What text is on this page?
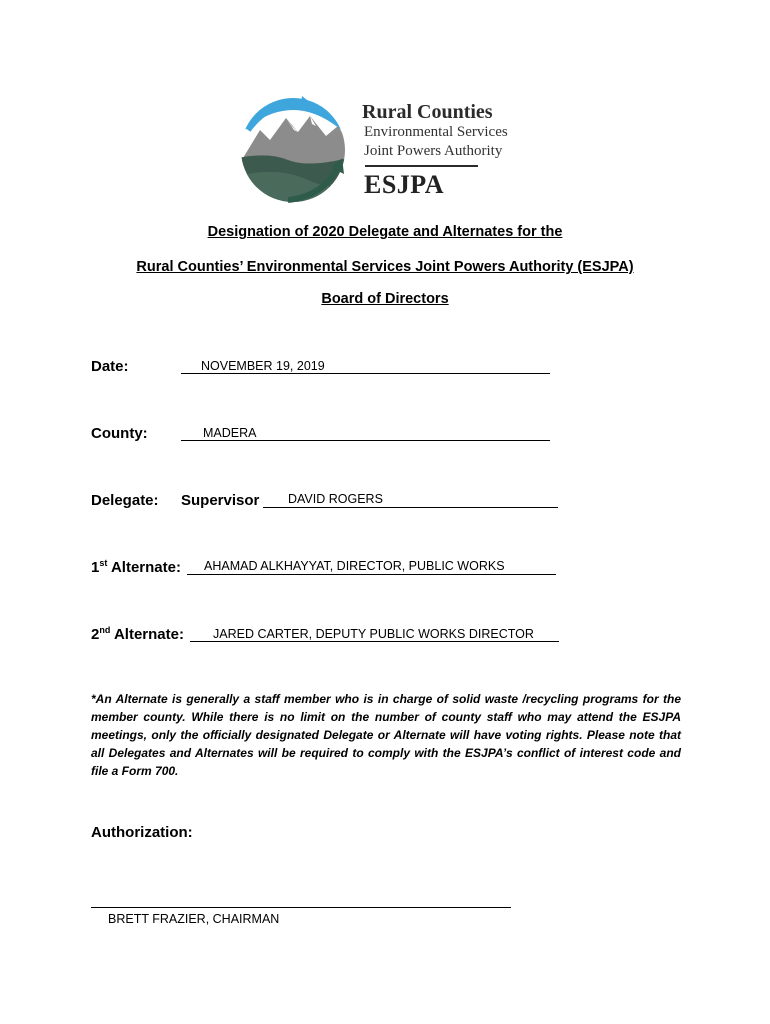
Rural Counties
Environmental Services
Joint Powers Authority
ESJPA
Designation of 2020 Delegate and Alternates for the
Rural Counties’ Environmental Services Joint Powers Authority (ESJPA)
Board of Directors
Date:	NOVEMBER 19, 2019
County:	MADERA
Delegate: Supervisor DAVID ROGERS
1st Alternate: AHAMAD ALKHAYYAT, DIRECTOR, PUBLIC WORKS
2nd Alternate: JARED CARTER, DEPUTY PUBLIC WORKS DIRECTOR
*An Alternate is generally a staff member who is in charge of solid waste /recycling programs for the member county. While there is no limit on the number of county staff who may attend the ESJPA meetings, only the officially designated Delegate or Alternate will have voting rights. Please note that all Delegates and Alternates will be required to comply with the ESJPA’s conflict of interest code and file a Form 700.
Authorization:
BRETT FRAZIER, CHAIRMAN
